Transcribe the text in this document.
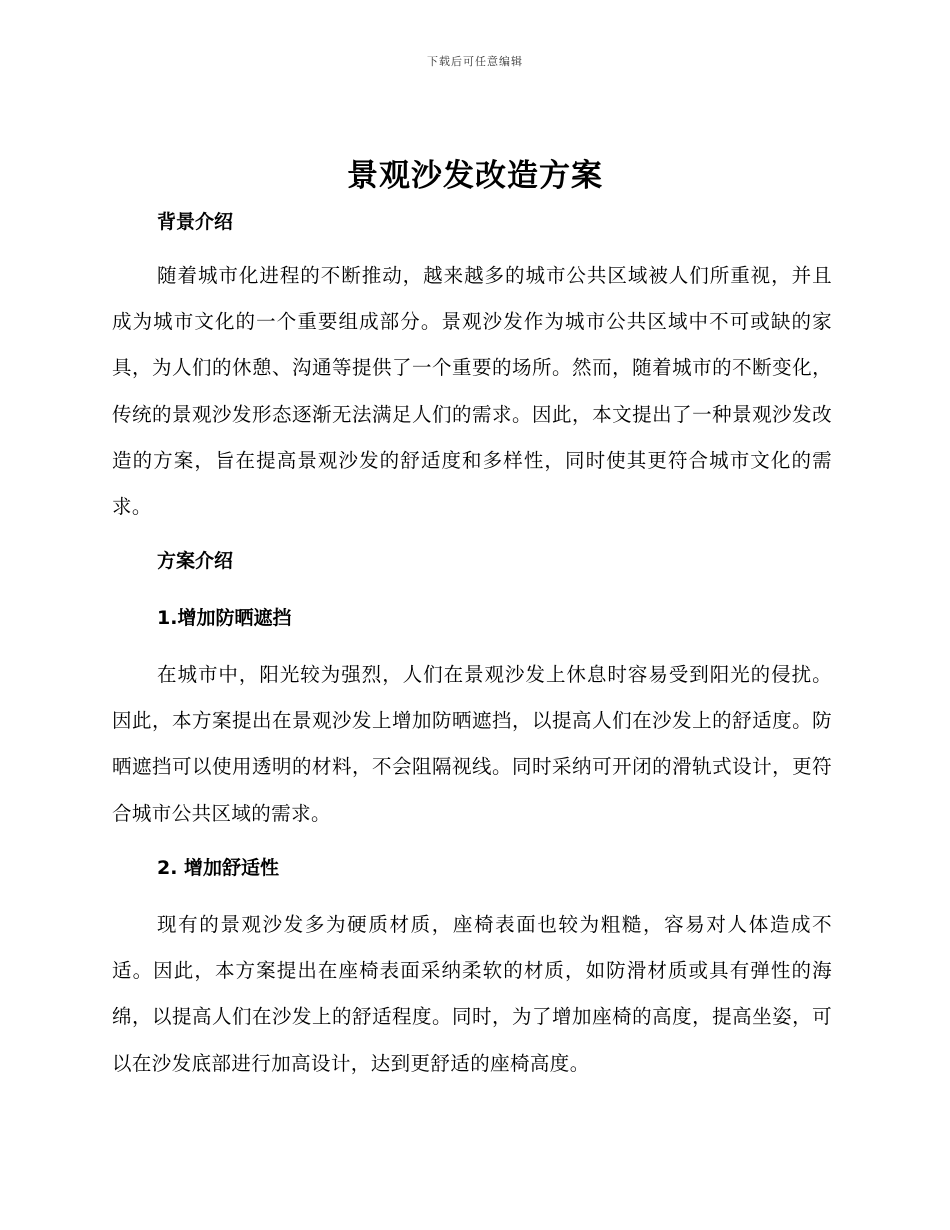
下载后可任意编辑
景观沙发改造方案
背景介绍
随着城市化进程的不断推动，越来越多的城市公共区域被人们所重视，并且成为城市文化的一个重要组成部分。景观沙发作为城市公共区域中不可或缺的家具，为人们的休憩、沟通等提供了一个重要的场所。然而，随着城市的不断变化，传统的景观沙发形态逐渐无法满足人们的需求。因此，本文提出了一种景观沙发改造的方案，旨在提高景观沙发的舒适度和多样性，同时使其更符合城市文化的需求。
方案介绍
1.增加防晒遮挡
在城市中，阳光较为强烈，人们在景观沙发上休息时容易受到阳光的侵扰。因此，本方案提出在景观沙发上增加防晒遮挡，以提高人们在沙发上的舒适度。防晒遮挡可以使用透明的材料，不会阻隔视线。同时采纳可开闭的滑轨式设计，更符合城市公共区域的需求。
2. 增加舒适性
现有的景观沙发多为硬质材质，座椅表面也较为粗糙，容易对人体造成不适。因此，本方案提出在座椅表面采纳柔软的材质，如防滑材质或具有弹性的海绵，以提高人们在沙发上的舒适程度。同时，为了增加座椅的高度，提高坐姿，可以在沙发底部进行加高设计，达到更舒适的座椅高度。
